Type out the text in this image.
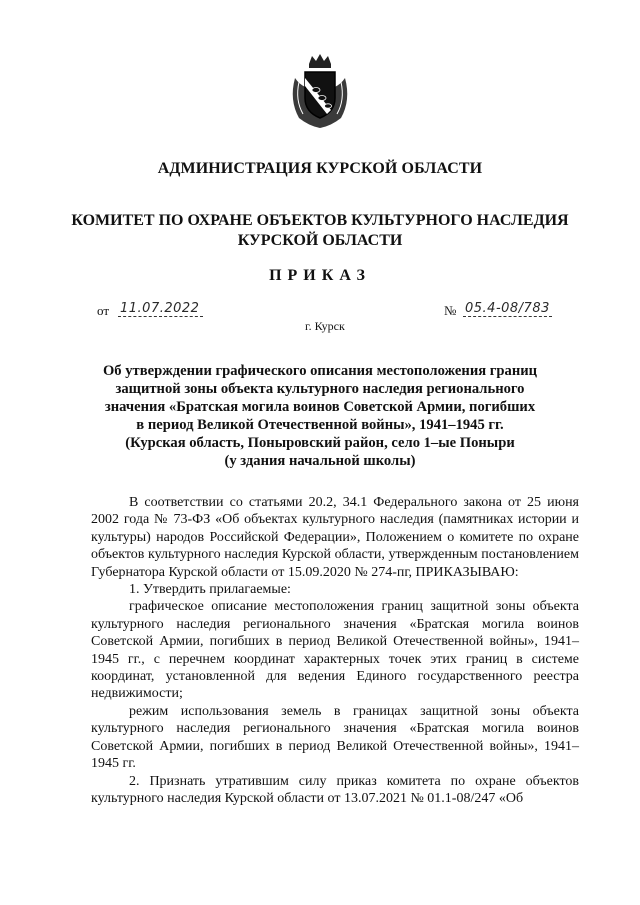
АДМИНИСТРАЦИЯ КУРСКОЙ ОБЛАСТИ
КОМИТЕТ ПО ОХРАНЕ ОБЪЕКТОВ КУЛЬТУРНОГО НАСЛЕДИЯ
КУРСКОЙ ОБЛАСТИ
ПРИКАЗ
от 11.07.2022	№ 05.4-08/783
г. Курск
Об утверждении графического описания местоположения границ
защитной зоны объекта культурного наследия регионального
значения «Братская могила воинов Советской Армии, погибших
в период Великой Отечественной войны», 1941–1945 гг.
(Курская область, Поныровский район, село 1–ые Поныри
(у здания начальной школы)

В соответствии со статьями 20.2, 34.1 Федерального закона от 25 июня 2002 года № 73-ФЗ «Об объектах культурного наследия (памятниках истории и культуры) народов Российской Федерации», Положением о комитете по охране объектов культурного наследия Курской области, утвержденным постановлением Губернатора Курской области от 15.09.2020 № 274-пг, ПРИКАЗЫВАЮ:

1. Утвердить прилагаемые:

графическое описание местоположения границ защитной зоны объекта культурного наследия регионального значения «Братская могила воинов Советской Армии, погибших в период Великой Отечественной войны», 1941–1945 гг., с перечнем координат характерных точек этих границ в системе координат, установленной для ведения Единого государственного реестра недвижимости;

режим использования земель в границах защитной зоны объекта культурного наследия регионального значения «Братская могила воинов Советской Армии, погибших в период Великой Отечественной войны», 1941–1945 гг.

2. Признать утратившим силу приказ комитета по охране объектов культурного наследия Курской области от 13.07.2021 № 01.1-08/247 «Об
